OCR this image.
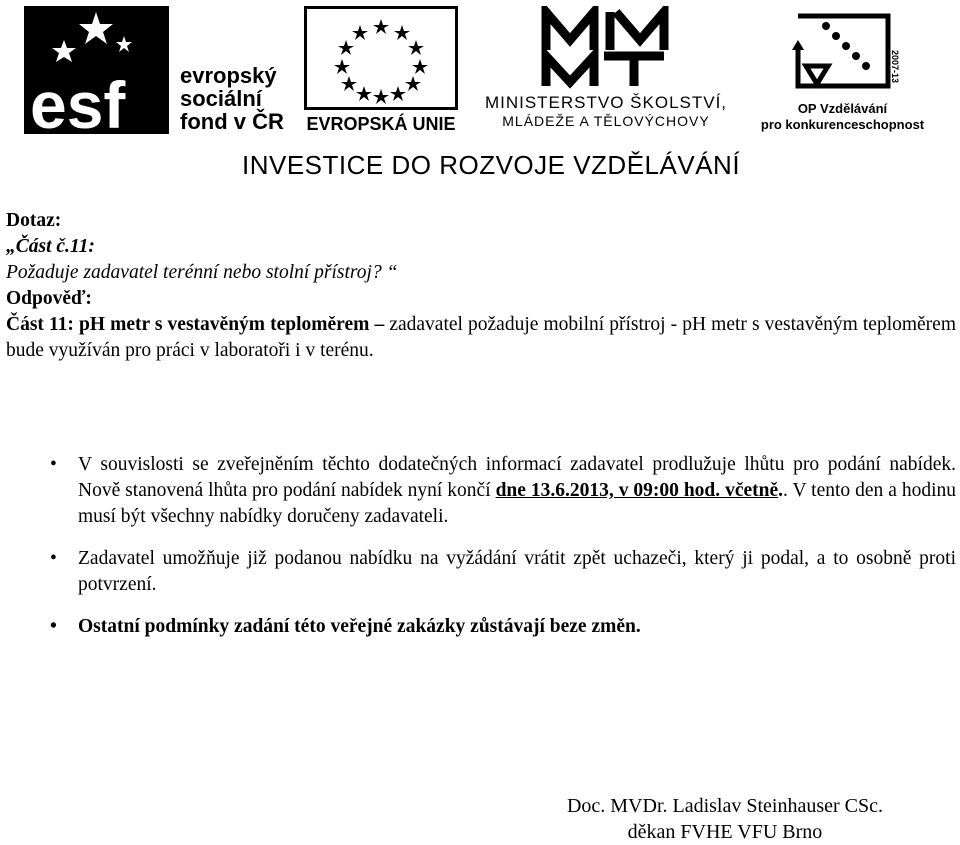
esf evropský
sociální
fond v ČR	EVROPSKÁ UNIE
MINISTERSTVO ŠKOLSTVÍ,
MLÁDEŽE A TĚLOVÝCHOVY
2007-13
OP Vzdělávání
pro konkurenceschopnost
INVESTICE DO ROZVOJE VZDĚLÁVÁNÍ

Dotaz:

„Část č.11:

Požaduje zadavatel terénní nebo stolní přístroj? “

Odpověď:

Část 11: pH metr s vestavěným teploměrem – zadavatel požaduje mobilní přístroj - pH metr s vestavěným teploměrem bude využíván pro práci v laboratoři i v terénu.

• V souvislosti se zveřejněním těchto dodatečných informací zadavatel prodlužuje lhůtu pro podání nabídek. Nově stanovená lhůta pro podání nabídek nyní končí dne 13.6.2013, v 09:00 hod. včetně.. V tento den a hodinu musí být všechny nabídky doručeny zadavateli.
• Zadavatel umožňuje již podanou nabídku na vyžádání vrátit zpět uchazeči, který ji podal, a to osobně proti potvrzení.
• Ostatní podmínky zadání této veřejné zakázky zůstávají beze změn.
Doc. MVDr. Ladislav Steinhauser CSc.
děkan FVHE VFU Brno
